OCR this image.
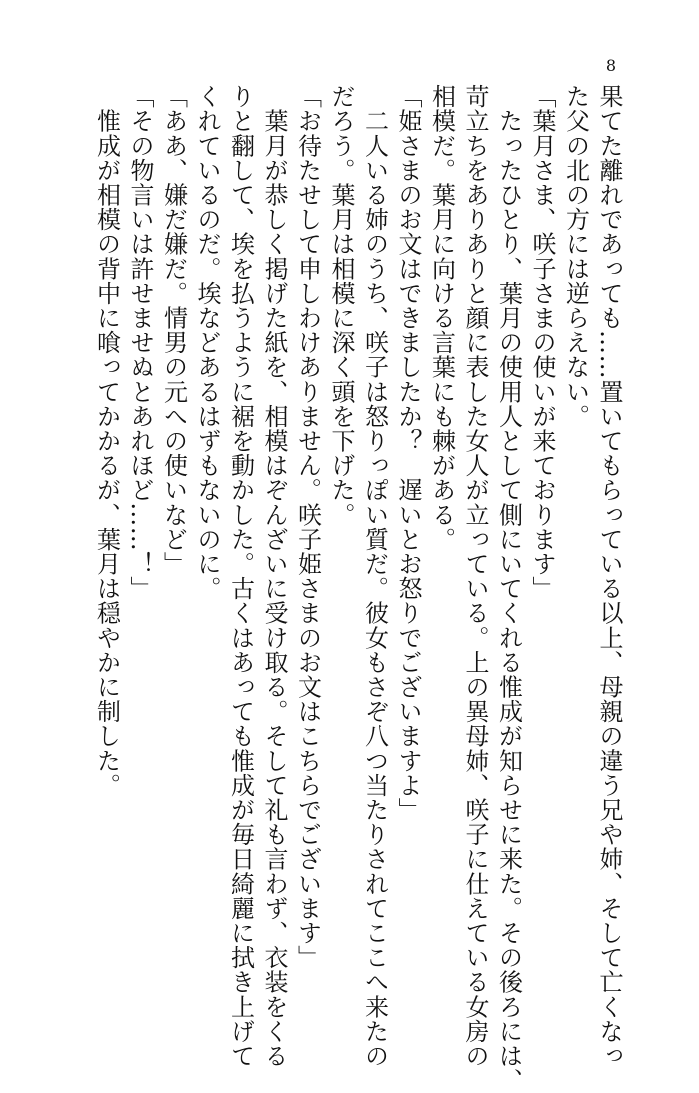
8
果てた離れであっても……置いてもらっている以上、母親の違う兄や姉、そして亡くなっ
た父の北の方には逆らえない。
「葉月さま、咲子さまの使いが来ております」
　たったひとり、葉月の使用人として側にいてくれる惟成が知らせに来た。その後ろには、
苛立ちをありありと顔に表した女人が立っている。上の異母姉、咲子に仕えている女房の
相模だ。葉月に向ける言葉にも棘がある。
「姫さまのお文はできましたか？　遅いとお怒りでございますよ」
　二人いる姉のうち、咲子は怒りっぽい質だ。彼女もさぞ八つ当たりされてここへ来たの
だろう。葉月は相模に深く頭を下げた。
「お待たせして申しわけありません。咲子姫さまのお文はこちらでございます」
　葉月が恭しく掲げた紙を、相模はぞんざいに受け取る。そして礼も言わず、衣装をくる
りと翻して、埃を払うように裾を動かした。古くはあっても惟成が毎日綺麗に拭き上げて
くれているのだ。埃などあるはずもないのに。
「ああ、嫌だ嫌だ。情男の元への使いなど」
「その物言いは許せませぬとあれほど……！」
　惟成が相模の背中に喰ってかかるが、葉月は穏やかに制した。
